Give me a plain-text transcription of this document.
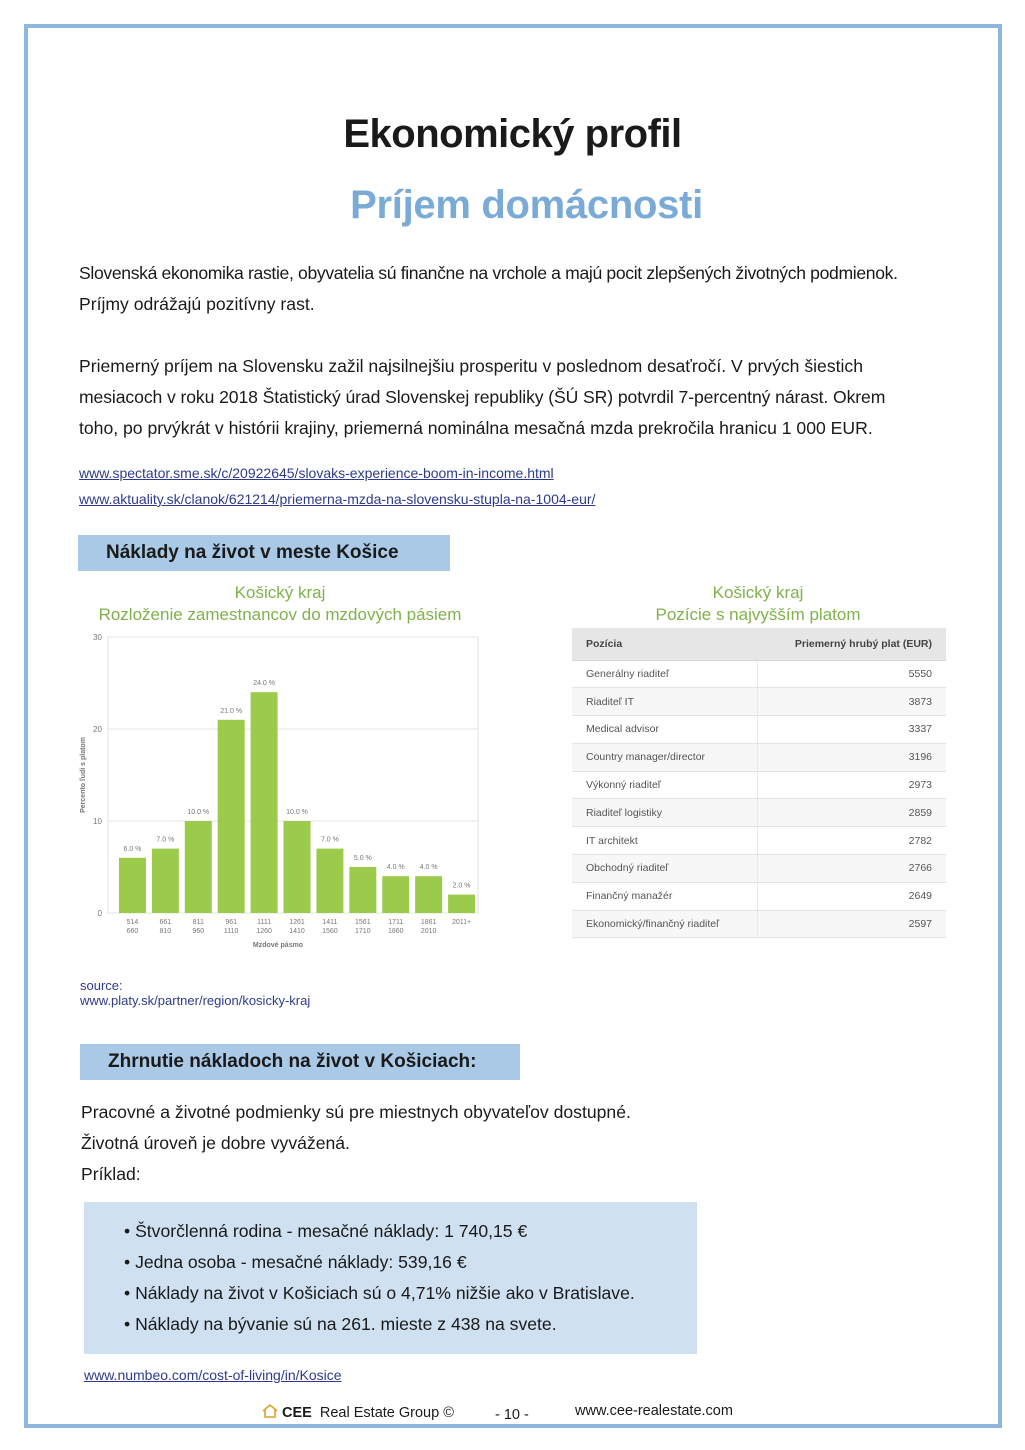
Ekonomický profil
Príjem domácnosti
Slovenská ekonomika rastie, obyvatelia sú finančne na vrchole a majú pocit zlepšených životných podmienok.
Príjmy odrážajú pozitívny rast.
Priemerný príjem na Slovensku zažil najsilnejšiu prosperitu v poslednom desaťročí. V prvých šiestich
mesiacoch v roku 2018 Štatistický úrad Slovenskej republiky (ŠÚ SR) potvrdil 7-percentný nárast. Okrem
toho, po prvýkrát v histórii krajiny, priemerná nominálna mesačná mzda prekročila hranicu 1 000 EUR.
www.spectator.sme.sk/c/20922645/slovaks-experience-boom-in-income.html
www.aktuality.sk/clanok/621214/priemerna-mzda-na-slovensku-stupla-na-1004-eur/
Náklady na život v meste Košice
Košický kraj
Rozloženie zamestnancov do mzdových pásiem
0
10
20
30
6.0 %
514
660
7.0 %
661
810
10.0 %
811
960
21.0 %
961
1110
24.0 %
1111
1260
10.0 %
1261
1410
7.0 %
1411
1560
5.0 %
1561
1710
4.0 %
1711
1860
4.0 %
1861
2010
2.0 %
2011+
Mzdové pásmo
Percento ľudí s platom
Košický kraj
Pozície s najvyšším platom
Pozícia	Priemerný hrubý plat (EUR)
Generálny riaditeľ	5550
Riaditeľ IT	3873
Medical advisor	3337
Country manager/director	3196
Výkonný riaditeľ	2973
Riaditeľ logistiky	2859
IT architekt	2782
Obchodný riaditeľ	2766
Finančný manažér	2649
Ekonomický/finančný riaditeľ	2597
source:
www.platy.sk/partner/region/kosicky-kraj
Zhrnutie nákladoch na život v Košiciach:
Pracovné a životné podmienky sú pre miestnych obyvateľov dostupné.
Životná úroveň je dobre vyvážená.
Príklad:
• Štvorčlenná rodina - mesačné náklady: 1 740,15 €
• Jedna osoba - mesačné náklady: 539,16 €
• Náklady na život v Košiciach sú o 4,71% nižšie ako v Bratislave.
• Náklady na bývanie sú na 261. mieste z 438 na svete.
www.numbeo.com/cost-of-living/in/Kosice
CEE Real Estate Group ©	- 10 -	www.cee-realestate.com
